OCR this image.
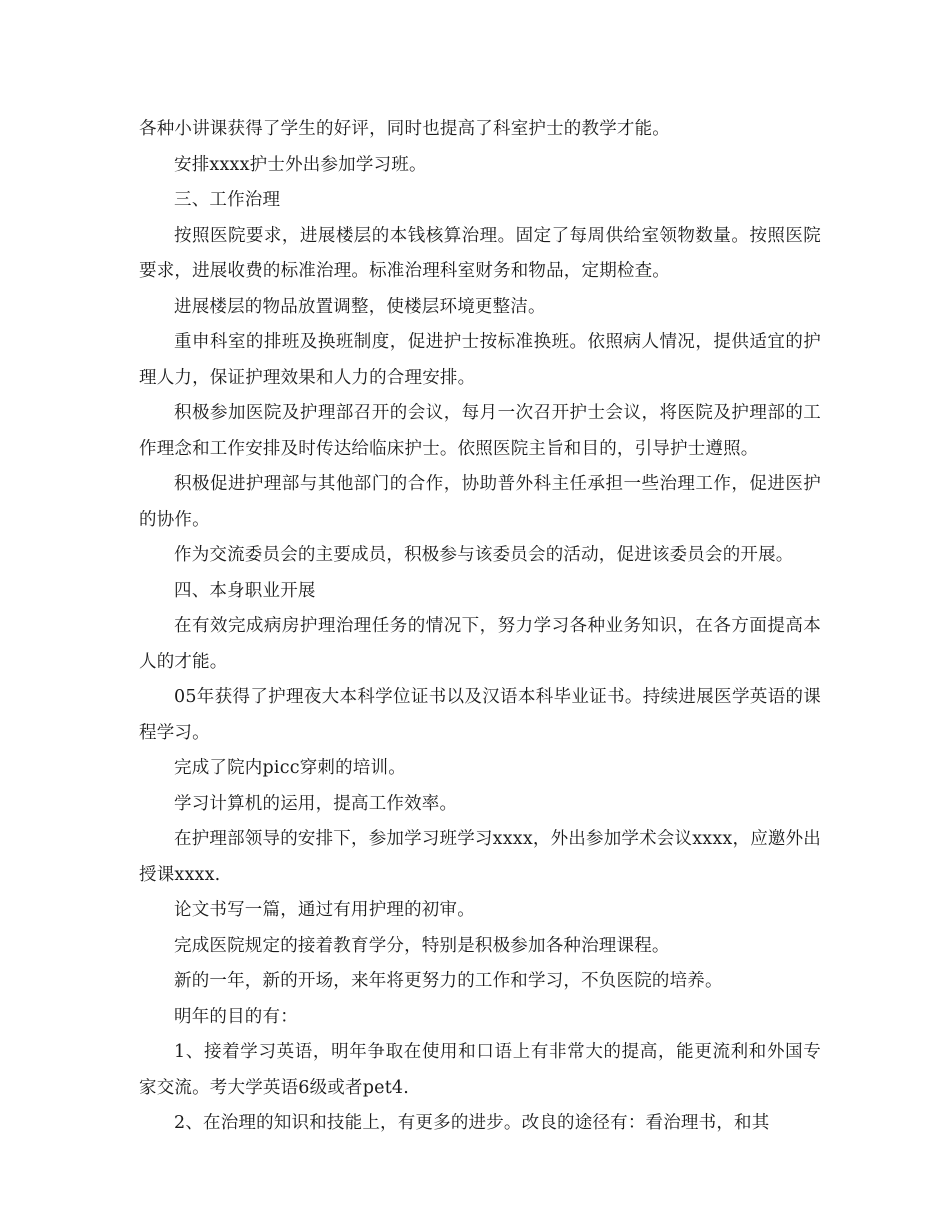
各种小讲课获得了学生的好评，同时也提高了科室护士的教学才能。

安排xxxx护士外出参加学习班。

三、工作治理

按照医院要求，进展楼层的本钱核算治理。固定了每周供给室领物数量。按照医院要求，进展收费的标准治理。标准治理科室财务和物品，定期检查。

进展楼层的物品放置调整，使楼层环境更整洁。

重申科室的排班及换班制度，促进护士按标准换班。依照病人情况，提供适宜的护理人力，保证护理效果和人力的合理安排。

积极参加医院及护理部召开的会议，每月一次召开护士会议，将医院及护理部的工作理念和工作安排及时传达给临床护士。依照医院主旨和目的，引导护士遵照。

积极促进护理部与其他部门的合作，协助普外科主任承担一些治理工作，促进医护的协作。

作为交流委员会的主要成员，积极参与该委员会的活动，促进该委员会的开展。

四、本身职业开展

在有效完成病房护理治理任务的情况下，努力学习各种业务知识，在各方面提高本人的才能。

05年获得了护理夜大本科学位证书以及汉语本科毕业证书。持续进展医学英语的课程学习。

完成了院内picc穿刺的培训。

学习计算机的运用，提高工作效率。

在护理部领导的安排下，参加学习班学习xxxx，外出参加学术会议xxxx，应邀外出授课xxxx.

论文书写一篇，通过有用护理的初审。

完成医院规定的接着教育学分，特别是积极参加各种治理课程。

新的一年，新的开场，来年将更努力的工作和学习，不负医院的培养。

明年的目的有：

1、接着学习英语，明年争取在使用和口语上有非常大的提高，能更流利和外国专家交流。考大学英语6级或者pet4.

2、在治理的知识和技能上，有更多的进步。改良的途径有：看治理书，和其
